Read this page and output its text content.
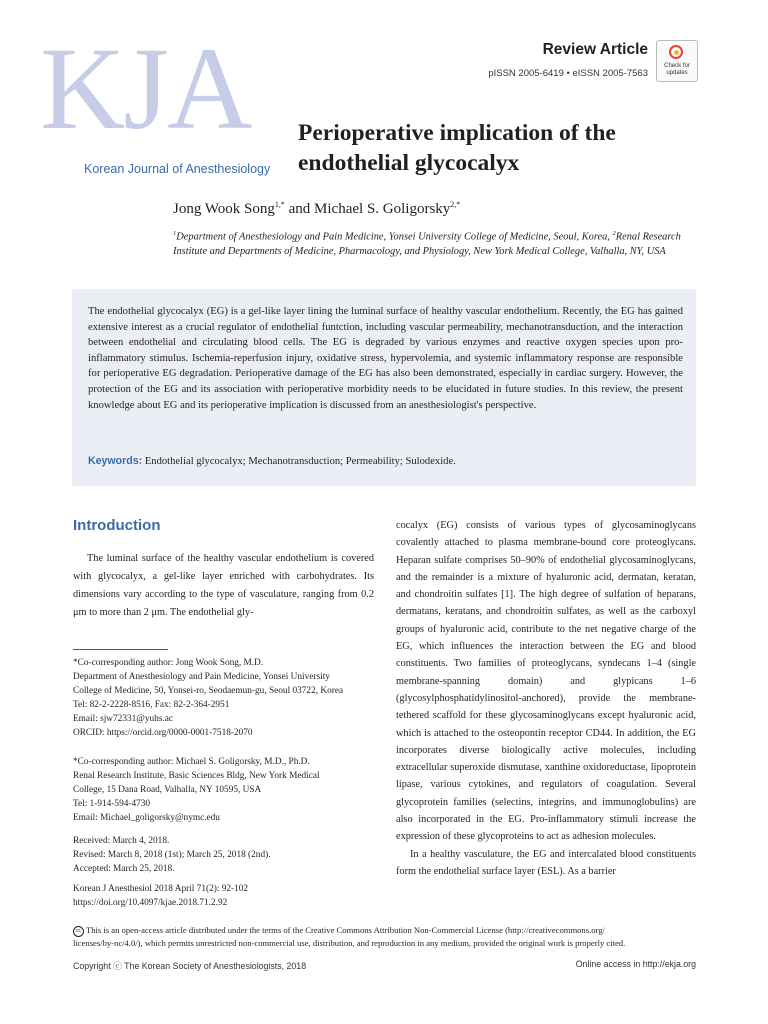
KJA
Korean Journal of Anesthesiology
Review Article
pISSN 2005-6419 • eISSN 2005-7563
Check for updates
Perioperative implication of the
endothelial glycocalyx
Jong Wook Song$^{1,*}$ and Michael S. Goligorsky$^{2,*}$
$^1$Department of Anesthesiology and Pain Medicine, Yonsei University College of Medicine, Seoul, Korea, $^2$Renal Research Institute and Departments of Medicine, Pharmacology, and Physiology, New York Medical College, Valhalla, NY, USA
The endothelial glycocalyx (EG) is a gel-like layer lining the luminal surface of healthy vascular endothelium. Recently, the EG has gained extensive interest as a crucial regulator of endothelial funtction, including vascular permeability, mechanotransduction, and the interaction between endothelial and circulating blood cells. The EG is degraded by various enzymes and reactive oxygen species upon pro-inflammatory stimulus. Ischemia-reperfusion injury, oxidative stress, hypervolemia, and systemic inflammatory response are responsible for perioperative EG degradation. Perioperative damage of the EG has also been demonstrated, especially in cardiac surgery. However, the protection of the EG and its association with perioperative morbidity needs to be elucidated in future studies. In this review, the present knowledge about EG and its perioperative implication is discussed from an anesthesiologist's perspective.
Keywords: Endothelial glycocalyx; Mechanotransduction; Permeability; Sulodexide.
Introduction
The luminal surface of the healthy vascular endothelium is covered with glycocalyx, a gel-like layer enriched with carbohydrates. Its dimensions vary according to the type of vasculature, ranging from 0.2 μm to more than 2 μm. The endothelial gly-
*Co-corresponding author: Jong Wook Song, M.D.
Department of Anesthesiology and Pain Medicine, Yonsei University
College of Medicine, 50, Yonsei-ro, Seodaemun-gu, Seoul 03722, Korea
Tel: 82-2-2228-8516, Fax: 82-2-364-2951
Email: sjw72331@yuhs.ac
ORCID: https://orcid.org/0000-0001-7518-2070
*Co-corresponding author: Michael S. Goligorsky, M.D., Ph.D.
Renal Research Institute, Basic Sciences Bldg, New York Medical
College, 15 Dana Road, Valhalla, NY 10595, USA
Tel: 1-914-594-4730
Email: Michael_goligorsky@nymc.edu
Received: March 4, 2018.
Revised: March 8, 2018 (1st); March 25, 2018 (2nd).
Accepted: March 25, 2018.
Korean J Anesthesiol 2018 April 71(2): 92-102
https://doi.org/10.4097/kjae.2018.71.2.92

cocalyx (EG) consists of various types of glycosaminoglycans covalently attached to plasma membrane-bound core proteoglycans. Heparan sulfate comprises 50–90% of endothelial glycosaminoglycans, and the remainder is a mixture of hyaluronic acid, dermatan, keratan, and chondroitin sulfates [1]. The high degree of sulfation of heparans, dermatans, keratans, and chondroitin sulfates, as well as the carboxyl groups of hyaluronic acid, contribute to the net negative charge of the EG, which influences the interaction between the EG and blood constituents. Two families of proteoglycans, syndecans 1–4 (single membrane-spanning domain) and glypicans 1–6 (glycosylphosphatidylinositol-anchored), provide the membrane-tethered scaffold for these glycosaminoglycans except hyaluronic acid, which is attached to the osteopontin receptor CD44. In addition, the EG incorporates diverse biologically active molecules, including extracellular superoxide dismutase, xanthine oxidoreductase, lipoprotein lipase, various cytokines, and regulators of coagulation. Several glycoprotein families (selectins, integrins, and immunoglobulins) are also incorporated in the EG. Pro-inflammatory stimuli increase the expression of these glycoproteins to act as adhesion molecules.

In a healthy vasculature, the EG and intercalated blood constituents form the endothelial surface layer (ESL). As a barrier

cc This is an open-access article distributed under the terms of the Creative Commons Attribution Non-Commercial License (http://creativecommons.org/
licenses/by-nc/4.0/), which permits unrestricted non-commercial use, distribution, and reproduction in any medium, provided the original work is properly cited.
Copyright ⓒ The Korean Society of Anesthesiologists, 2018	Online access in http://ekja.org
